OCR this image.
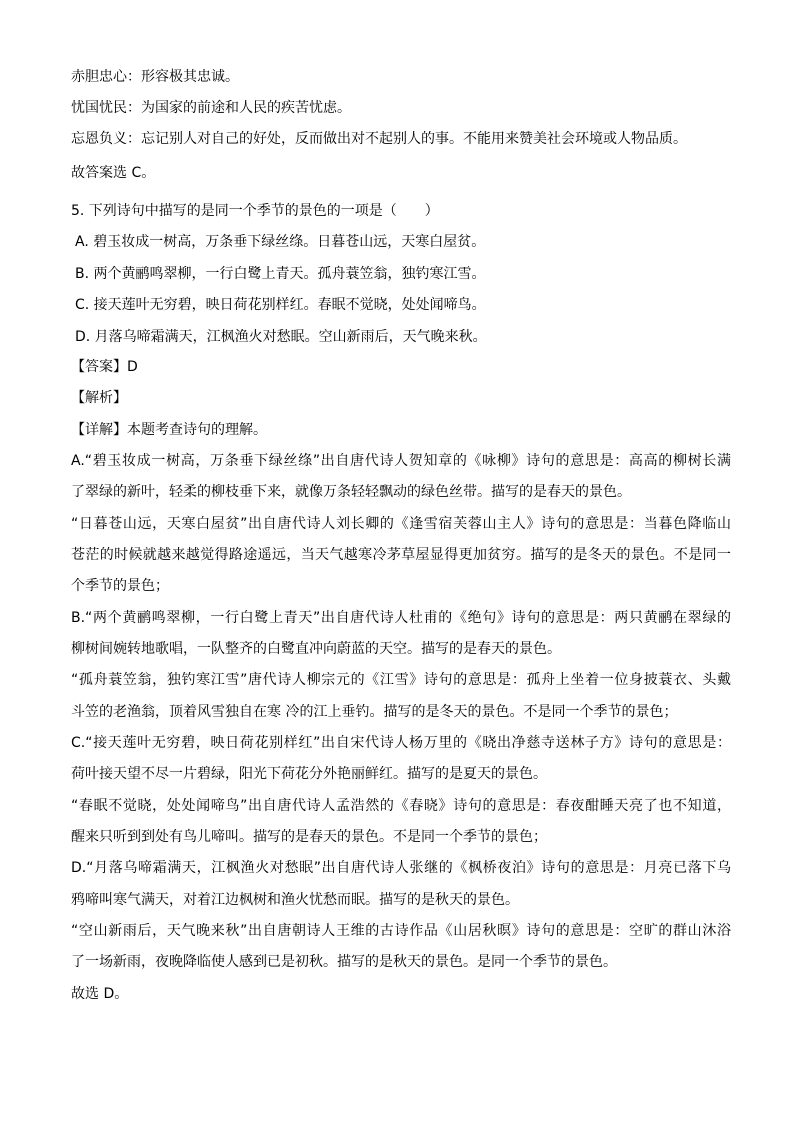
赤胆忠心：形容极其忠诚。
忧国忧民：为国家的前途和人民的疾苦忧虑。
忘恩负义：忘记别人对自己的好处，反而做出对不起别人的事。不能用来赞美社会环境或人物品质。
故答案选 C。
5. 下列诗句中描写的是同一个季节的景色的一项是（　　）
A. 碧玉妆成一树高，万条垂下绿丝绦。日暮苍山远，天寒白屋贫。
B. 两个黄鹂鸣翠柳，一行白鹭上青天。孤舟蓑笠翁，独钓寒江雪。
C. 接天莲叶无穷碧，映日荷花别样红。春眠不觉晓，处处闻啼鸟。
D. 月落乌啼霜满天，江枫渔火对愁眠。空山新雨后，天气晚来秋。
【答案】D
【解析】
【详解】本题考查诗句的理解。
A.“碧玉妆成一树高，万条垂下绿丝绦”出自唐代诗人贺知章的《咏柳》诗句的意思是：高高的柳树长满
了翠绿的新叶，轻柔的柳枝垂下来，就像万条轻轻飘动的绿色丝带。描写的是春天的景色。
“日暮苍山远，天寒白屋贫”出自唐代诗人刘长卿的《逢雪宿芙蓉山主人》诗句的意思是：当暮色降临山
苍茫的时候就越来越觉得路途遥远，当天气越寒冷茅草屋显得更加贫穷。描写的是冬天的景色。不是同一
个季节的景色；
B.“两个黄鹂鸣翠柳，一行白鹭上青天”出自唐代诗人杜甫的《绝句》诗句的意思是：两只黄鹂在翠绿的
柳树间婉转地歌唱，一队整齐的白鹭直冲向蔚蓝的天空。描写的是春天的景色。
“孤舟蓑笠翁，独钓寒江雪”唐代诗人柳宗元的《江雪》诗句的意思是：孤舟上坐着一位身披蓑衣、头戴
斗笠的老渔翁，顶着风雪独自在寒 冷的江上垂钓。描写的是冬天的景色。不是同一个季节的景色；
C.“接天莲叶无穷碧，映日荷花别样红”出自宋代诗人杨万里的《晓出净慈寺送林子方》诗句的意思是：
荷叶接天望不尽一片碧绿，阳光下荷花分外艳丽鲜红。描写的是夏天的景色。
“春眠不觉晓，处处闻啼鸟”出自唐代诗人孟浩然的《春晓》诗句的意思是：春夜酣睡天亮了也不知道，
醒来只听到到处有鸟儿啼叫。描写的是春天的景色。不是同一个季节的景色；
D.“月落乌啼霜满天，江枫渔火对愁眠”出自唐代诗人张继的《枫桥夜泊》诗句的意思是：月亮已落下乌
鸦啼叫寒气满天，对着江边枫树和渔火忧愁而眠。描写的是秋天的景色。
“空山新雨后，天气晚来秋”出自唐朝诗人王维的古诗作品《山居秋暝》诗句的意思是：空旷的群山沐浴
了一场新雨，夜晚降临使人感到已是初秋。描写的是秋天的景色。是同一个季节的景色。
故选 D。
